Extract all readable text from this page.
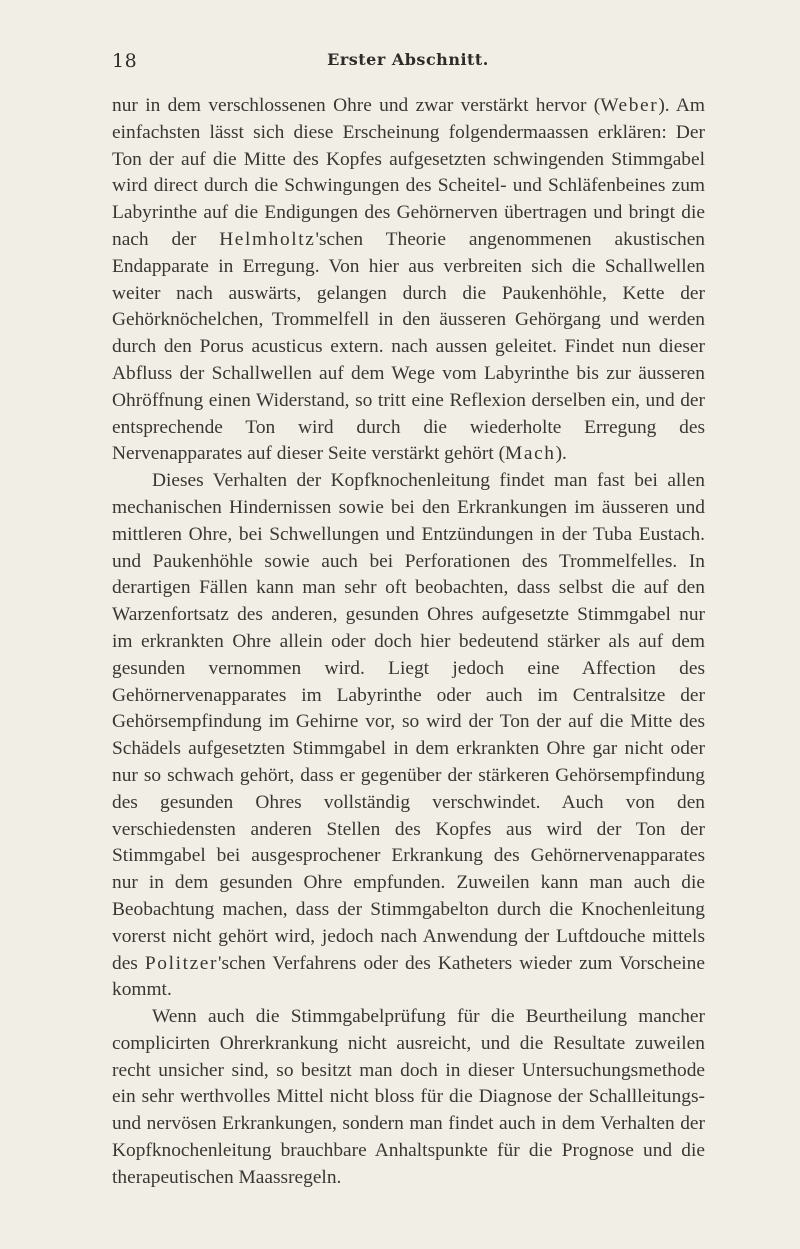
18	Erster Abschnitt.

nur in dem verschlossenen Ohre und zwar verstärkt hervor (Weber). Am einfachsten lässt sich diese Erscheinung folgendermaassen erklären: Der Ton der auf die Mitte des Kopfes aufgesetzten schwingenden Stimmgabel wird direct durch die Schwingungen des Scheitel- und Schläfenbeines zum Labyrinthe auf die Endigungen des Gehörnerven übertragen und bringt die nach der Helmholtz'schen Theorie angenommenen akustischen Endapparate in Erregung. Von hier aus verbreiten sich die Schallwellen weiter nach auswärts, gelangen durch die Paukenhöhle, Kette der Gehörknöchelchen, Trommelfell in den äusseren Gehörgang und werden durch den Porus acusticus extern. nach aussen geleitet. Findet nun dieser Abfluss der Schallwellen auf dem Wege vom Labyrinthe bis zur äusseren Ohröffnung einen Widerstand, so tritt eine Reflexion derselben ein, und der entsprechende Ton wird durch die wiederholte Erregung des Nervenapparates auf dieser Seite verstärkt gehört (Mach).

Dieses Verhalten der Kopfknochenleitung findet man fast bei allen mechanischen Hindernissen sowie bei den Erkrankungen im äusseren und mittleren Ohre, bei Schwellungen und Entzündungen in der Tuba Eustach. und Paukenhöhle sowie auch bei Perforationen des Trommelfelles. In derartigen Fällen kann man sehr oft beobachten, dass selbst die auf den Warzenfortsatz des anderen, gesunden Ohres aufgesetzte Stimmgabel nur im erkrankten Ohre allein oder doch hier bedeutend stärker als auf dem gesunden vernommen wird. Liegt jedoch eine Affection des Gehörnervenapparates im Labyrinthe oder auch im Centralsitze der Gehörsempfindung im Gehirne vor, so wird der Ton der auf die Mitte des Schädels aufgesetzten Stimmgabel in dem erkrankten Ohre gar nicht oder nur so schwach gehört, dass er gegenüber der stärkeren Gehörsempfindung des gesunden Ohres vollständig verschwindet. Auch von den verschiedensten anderen Stellen des Kopfes aus wird der Ton der Stimmgabel bei ausgesprochener Erkrankung des Gehörnervenapparates nur in dem gesunden Ohre empfunden. Zuweilen kann man auch die Beobachtung machen, dass der Stimmgabelton durch die Knochenleitung vorerst nicht gehört wird, jedoch nach Anwendung der Luftdouche mittels des Politzer'schen Verfahrens oder des Katheters wieder zum Vorscheine kommt.

Wenn auch die Stimmgabelprüfung für die Beurtheilung mancher complicirten Ohrerkrankung nicht ausreicht, und die Resultate zuweilen recht unsicher sind, so besitzt man doch in dieser Untersuchungsmethode ein sehr werthvolles Mittel nicht bloss für die Diagnose der Schallleitungs- und nervösen Erkrankungen, sondern man findet auch in dem Verhalten der Kopfknochenleitung brauchbare Anhaltspunkte für die Prognose und die therapeutischen Maassregeln.
